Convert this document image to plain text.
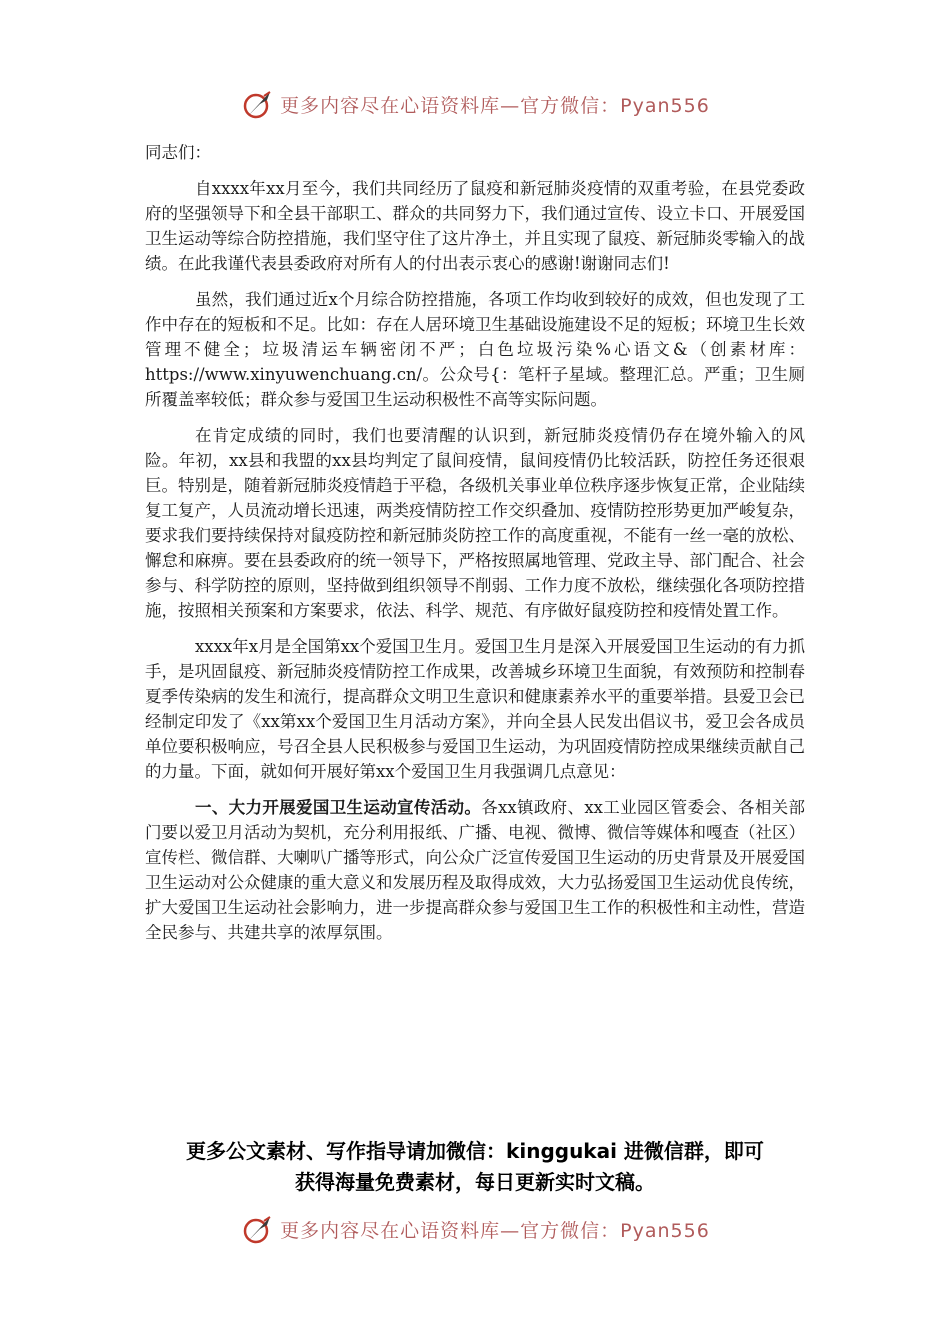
更多内容尽在心语资料库—官方微信：Pyan556

同志们：

自xxxx年xx月至今，我们共同经历了鼠疫和新冠肺炎疫情的双重考验，在县党委政府的坚强领导下和全县干部职工、群众的共同努力下，我们通过宣传、设立卡口、开展爱国卫生运动等综合防控措施，我们坚守住了这片净土，并且实现了鼠疫、新冠肺炎零输入的战绩。在此我谨代表县委政府对所有人的付出表示衷心的感谢!谢谢同志们!

虽然，我们通过近x个月综合防控措施，各项工作均收到较好的成效，但也发现了工作中存在的短板和不足。比如：存在人居环境卫生基础设施建设不足的短板；环境卫生长效管理不健全；垃圾清运车辆密闭不严；白色垃圾污染%心语文&（创素材库：https://www.xinyuwenchuang.cn/。公众号{：笔杆子星域。整理汇总。严重；卫生厕所覆盖率较低；群众参与爱国卫生运动积极性不高等实际问题。

在肯定成绩的同时，我们也要清醒的认识到，新冠肺炎疫情仍存在境外输入的风险。年初，xx县和我盟的xx县均判定了鼠间疫情，鼠间疫情仍比较活跃，防控任务还很艰巨。特别是，随着新冠肺炎疫情趋于平稳，各级机关事业单位秩序逐步恢复正常，企业陆续复工复产，人员流动增长迅速，两类疫情防控工作交织叠加、疫情防控形势更加严峻复杂，要求我们要持续保持对鼠疫防控和新冠肺炎防控工作的高度重视，不能有一丝一毫的放松、懈怠和麻痹。要在县委政府的统一领导下，严格按照属地管理、党政主导、部门配合、社会参与、科学防控的原则，坚持做到组织领导不削弱、工作力度不放松，继续强化各项防控措施，按照相关预案和方案要求，依法、科学、规范、有序做好鼠疫防控和疫情处置工作。

xxxx年x月是全国第xx个爱国卫生月。爱国卫生月是深入开展爱国卫生运动的有力抓手，是巩固鼠疫、新冠肺炎疫情防控工作成果，改善城乡环境卫生面貌，有效预防和控制春夏季传染病的发生和流行，提高群众文明卫生意识和健康素养水平的重要举措。县爱卫会已经制定印发了《xx第xx个爱国卫生月活动方案》，并向全县人民发出倡议书，爱卫会各成员单位要积极响应，号召全县人民积极参与爱国卫生运动，为巩固疫情防控成果继续贡献自己的力量。下面，就如何开展好第xx个爱国卫生月我强调几点意见：

一、大力开展爱国卫生运动宣传活动。各xx镇政府、xx工业园区管委会、各相关部门要以爱卫月活动为契机，充分利用报纸、广播、电视、微博、微信等媒体和嘎查（社区）宣传栏、微信群、大喇叭广播等形式，向公众广泛宣传爱国卫生运动的历史背景及开展爱国卫生运动对公众健康的重大意义和发展历程及取得成效，大力弘扬爱国卫生运动优良传统，扩大爱国卫生运动社会影响力，进一步提高群众参与爱国卫生工作的积极性和主动性，营造全民参与、共建共享的浓厚氛围。

更多公文素材、写作指导请加微信：kinggukai 进微信群，即可
获得海量免费素材，每日更新实时文稿。
更多内容尽在心语资料库—官方微信：Pyan556
